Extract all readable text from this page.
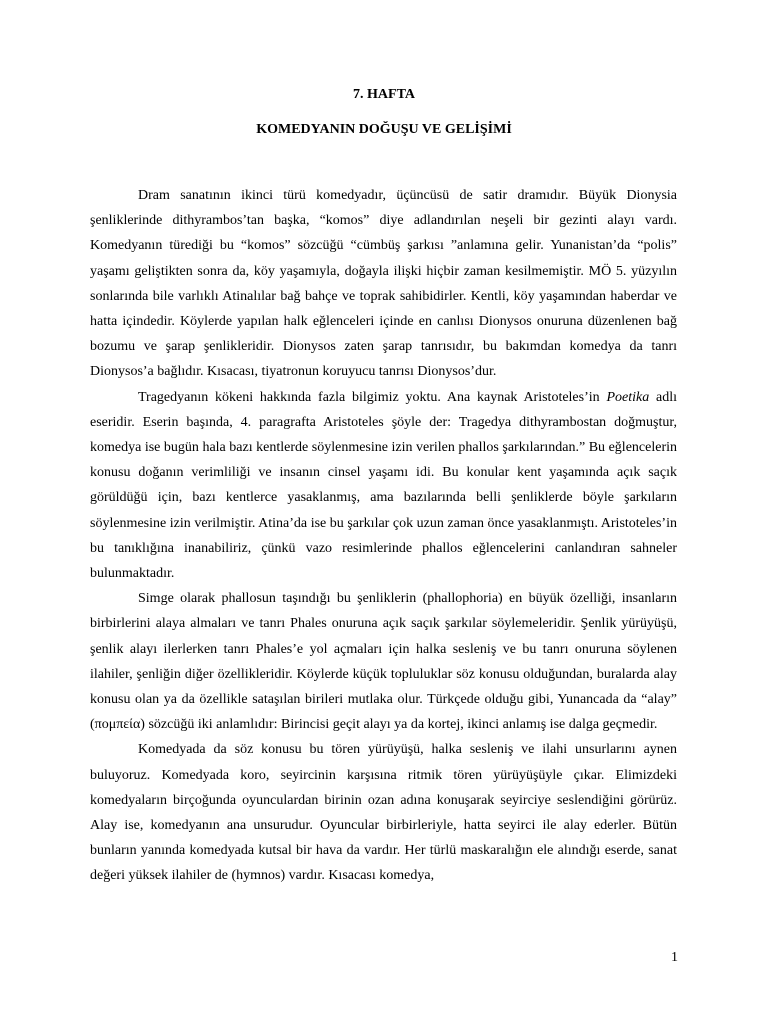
7. HAFTA
KOMEDYANIN DOĞUŞU VE GELİŞİMİ

Dram sanatının ikinci türü komedyadır, üçüncüsü de satir dramıdır. Büyük Dionysia şenliklerinde dithyrambos’tan başka, “komos” diye adlandırılan neşeli bir gezinti alayı vardı. Komedyanın türediği bu “komos” sözcüğü “cümbüş şarkısı ”anlamına gelir. Yunanistan’da “polis” yaşamı geliştikten sonra da, köy yaşamıyla, doğayla ilişki hiçbir zaman kesilmemiştir. MÖ 5. yüzyılın sonlarında bile varlıklı Atinalılar bağ bahçe ve toprak sahibidirler. Kentli, köy yaşamından haberdar ve hatta içindedir. Köylerde yapılan halk eğlenceleri içinde en canlısı Dionysos onuruna düzenlenen bağ bozumu ve şarap şenlikleridir. Dionysos zaten şarap tanrısıdır, bu bakımdan komedya da tanrı Dionysos’a bağlıdır. Kısacası, tiyatronun koruyucu tanrısı Dionysos’dur.

Tragedyanın kökeni hakkında fazla bilgimiz yoktu. Ana kaynak Aristoteles’in Poetika adlı eseridir. Eserin başında, 4. paragrafta Aristoteles şöyle der: Tragedya dithyrambostan doğmuştur, komedya ise bugün hala bazı kentlerde söylenmesine izin verilen phallos şarkılarından.” Bu eğlencelerin konusu doğanın verimliliği ve insanın cinsel yaşamı idi. Bu konular kent yaşamında açık saçık görüldüğü için, bazı kentlerce yasaklanmış, ama bazılarında belli şenliklerde böyle şarkıların söylenmesine izin verilmiştir. Atina’da ise bu şarkılar çok uzun zaman önce yasaklanmıştı. Aristoteles’in bu tanıklığına inanabiliriz, çünkü vazo resimlerinde phallos eğlencelerini canlandıran sahneler bulunmaktadır.

Simge olarak phallosun taşındığı bu şenliklerin (phallophoria) en büyük özelliği, insanların birbirlerini alaya almaları ve tanrı Phales onuruna açık saçık şarkılar söylemeleridir. Şenlik yürüyüşü, şenlik alayı ilerlerken tanrı Phales’e yol açmaları için halka sesleniş ve bu tanrı onuruna söylenen ilahiler, şenliğin diğer özellikleridir. Köylerde küçük topluluklar söz konusu olduğundan, buralarda alay konusu olan ya da özellikle sataşılan birileri mutlaka olur. Türkçede olduğu gibi, Yunancada da “alay” (πομπεία) sözcüğü iki anlamlıdır: Birincisi geçit alayı ya da kortej, ikinci anlamış ise dalga geçmedir.

Komedyada da söz konusu bu tören yürüyüşü, halka sesleniş ve ilahi unsurlarını aynen buluyoruz. Komedyada koro, seyircinin karşısına ritmik tören yürüyüşüyle çıkar. Elimizdeki komedyaların birçoğunda oyunculardan birinin ozan adına konuşarak seyirciye seslendiğini görürüz. Alay ise, komedyanın ana unsurudur. Oyuncular birbirleriyle, hatta seyirci ile alay ederler. Bütün bunların yanında komedyada kutsal bir hava da vardır. Her türlü maskaralığın ele alındığı eserde, sanat değeri yüksek ilahiler de (hymnos) vardır. Kısacası komedya,

1
